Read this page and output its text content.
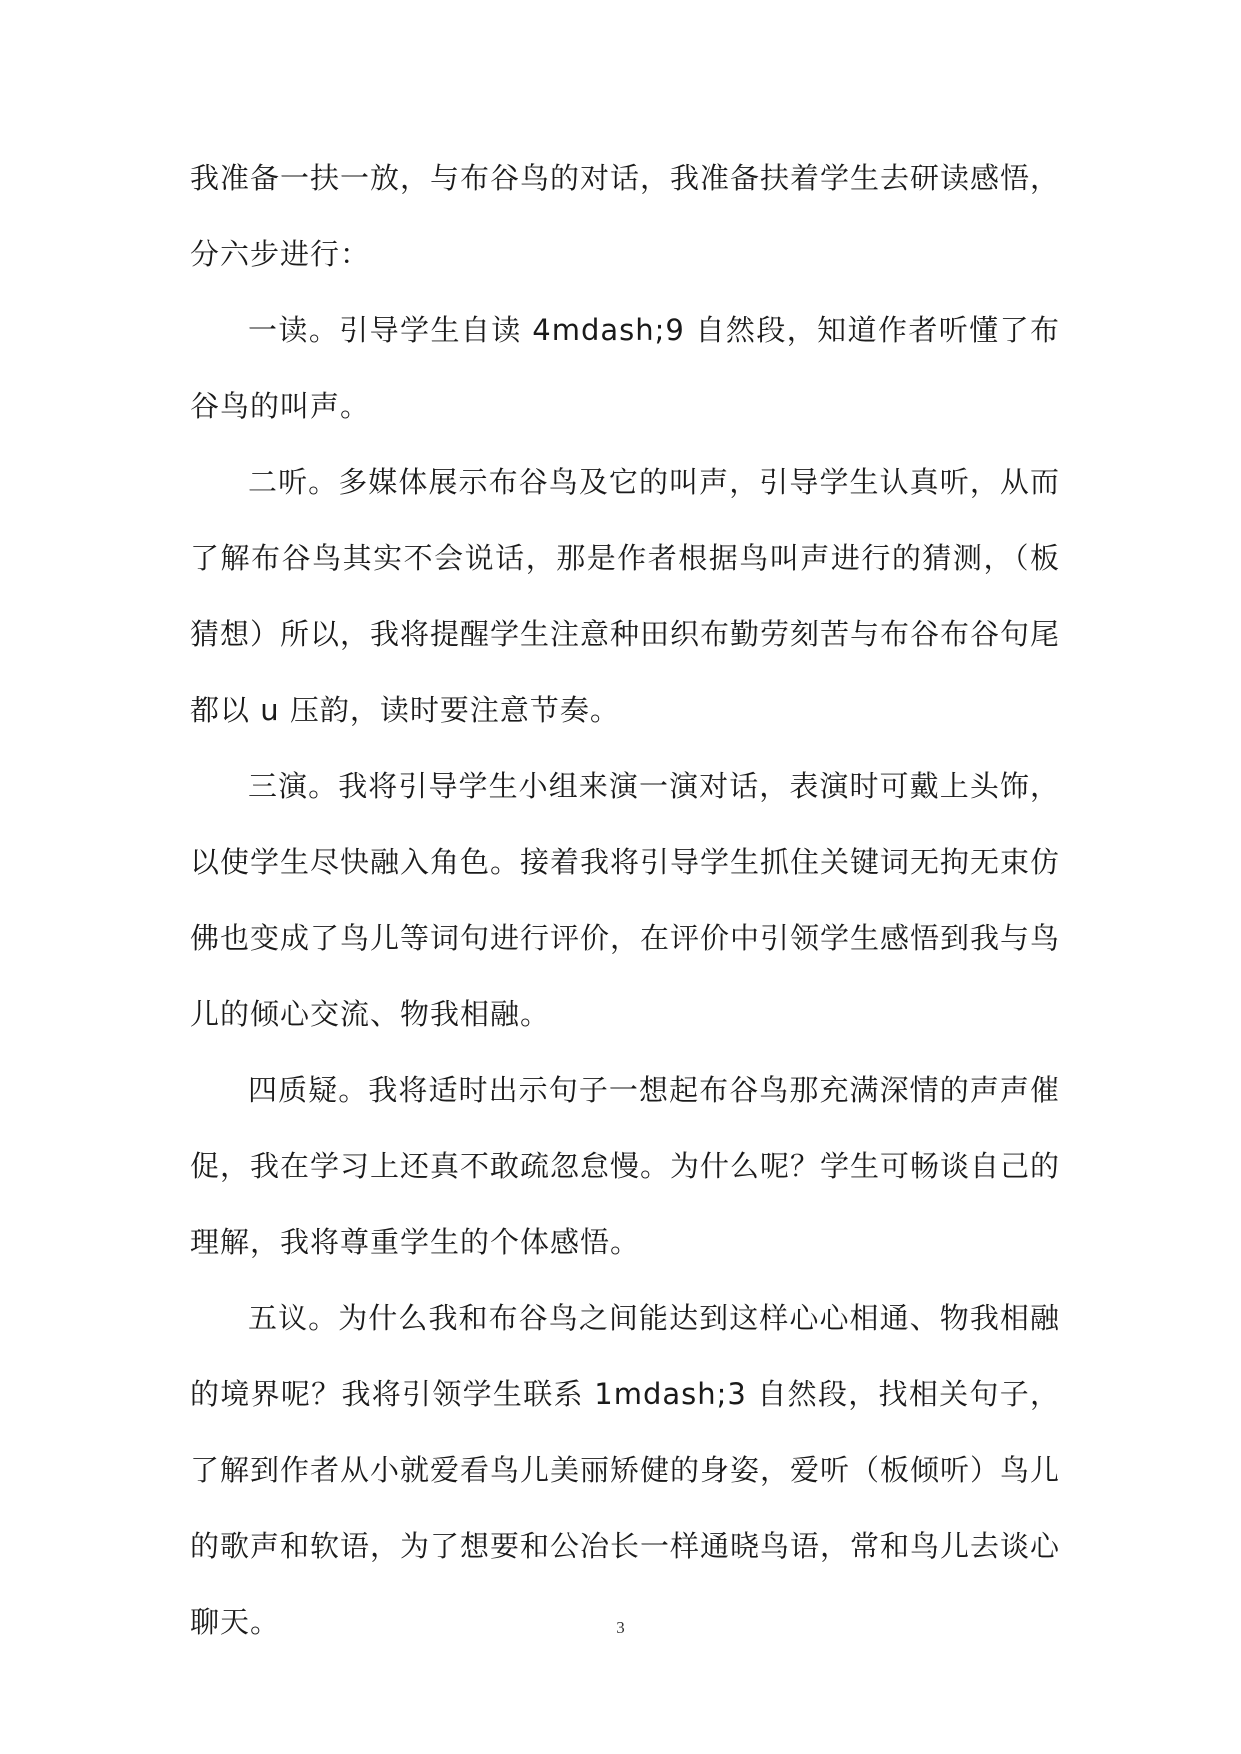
我准备一扶一放，与布谷鸟的对话，我准备扶着学生去研读感悟，分六步进行：

一读。引导学生自读 4mdash;9 自然段，知道作者听懂了布谷鸟的叫声。

二听。多媒体展示布谷鸟及它的叫声，引导学生认真听，从而了解布谷鸟其实不会说话，那是作者根据鸟叫声进行的猜测，（板猜想）所以，我将提醒学生注意种田织布勤劳刻苦与布谷布谷句尾都以 u 压韵，读时要注意节奏。

三演。我将引导学生小组来演一演对话，表演时可戴上头饰，以使学生尽快融入角色。接着我将引导学生抓住关键词无拘无束仿佛也变成了鸟儿等词句进行评价，在评价中引领学生感悟到我与鸟儿的倾心交流、物我相融。

四质疑。我将适时出示句子一想起布谷鸟那充满深情的声声催促，我在学习上还真不敢疏忽怠慢。为什么呢？学生可畅谈自己的理解，我将尊重学生的个体感悟。

五议。为什么我和布谷鸟之间能达到这样心心相通、物我相融的境界呢？我将引领学生联系 1mdash;3 自然段，找相关句子，了解到作者从小就爱看鸟儿美丽矫健的身姿，爱听（板倾听）鸟儿的歌声和软语，为了想要和公冶长一样通晓鸟语，常和鸟儿去谈心聊天。	3
